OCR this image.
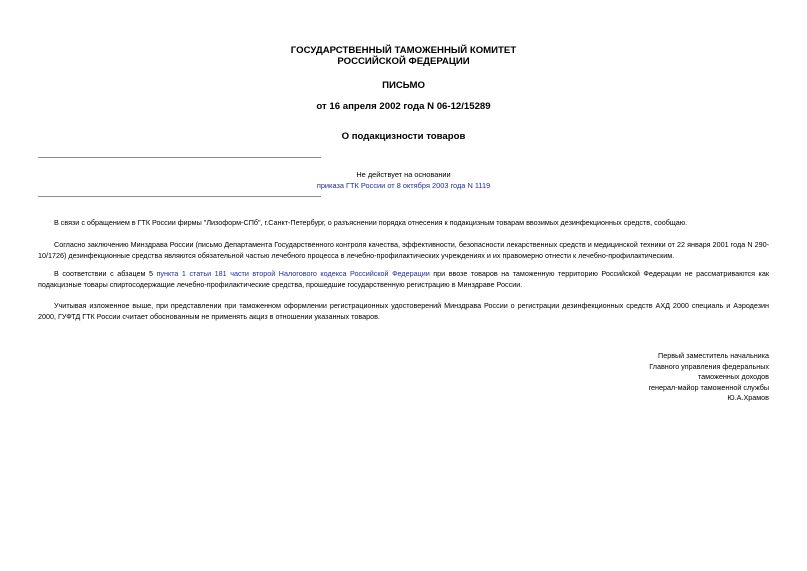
ГОСУДАРСТВЕННЫЙ ТАМОЖЕННЫЙ КОМИТЕТ
РОССИЙСКОЙ ФЕДЕРАЦИИ
ПИСЬМО
от 16 апреля 2002 года N 06-12/15289
О подакцизности товаров
Не действует на основании
приказа ГТК России от 8 октября 2003 года N 1119
В связи с обращением в ГТК России фирмы "Лизоформ-СПб", г.Санкт-Петербург, о разъяснении порядка отнесения к подакцизным товарам ввозимых дезинфекционных средств, сообщаю.
Согласно заключению Минздрава России (письмо Департамента Государственного контроля качества, эффективности, безопасности лекарственных средств и медицинской техники от 22 января 2001 года N 290-10/1726) дезинфекционные средства являются обязательной частью лечебного процесса в лечебно-профилактических учреждениях и их правомерно отнести к лечебно-профилактическим.
В соответствии с абзацем 5 пункта 1 статьи 181 части второй Налогового кодекса Российской Федерации при ввозе товаров на таможенную территорию Российской Федерации не рассматриваются как подакцизные товары спиртосодержащие лечебно-профилактические средства, прошедшие государственную регистрацию в Минздраве России.
Учитывая изложенное выше, при представлении при таможенном оформлении регистрационных удостоверений Минздрава России о регистрации дезинфекционных средств АХД 2000 специаль и Аэродезин 2000, ГУФТД ГТК России считает обоснованным не применять акциз в отношении указанных товаров.
Первый заместитель начальника
Главного управления федеральных
таможенных доходов
генерал-майор таможенной службы
Ю.А.Храмов
